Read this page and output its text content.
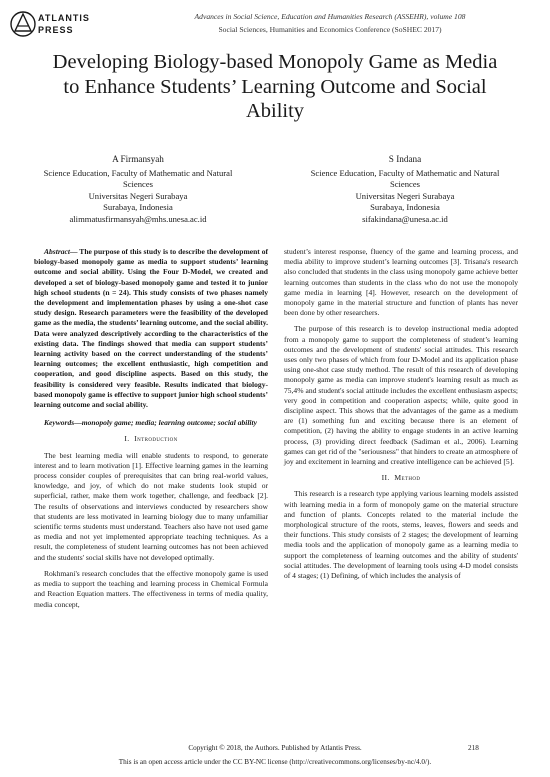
ATLANTIS
PRESS
Advances in Social Science, Education and Humanities Research (ASSEHR), volume 108
Social Sciences, Humanities and Economics Conference (SoSHEC 2017)
Developing Biology-based Monopoly Game as Media
to Enhance Students’ Learning Outcome and Social
Ability
A Firmansyah
Science Education, Faculty of Mathematic and Natural
Sciences
Universitas Negeri Surabaya
Surabaya, Indonesia
alimmatusfirmansyah@mhs.unesa.ac.id
S Indana
Science Education, Faculty of Mathematic and Natural
Sciences
Universitas Negeri Surabaya
Surabaya, Indonesia
sifakindana@unesa.ac.id

Abstract— The purpose of this study is to describe the development of biology-based monopoly game as media to support students’ learning outcome and social ability. Using the Four D-Model, we created and developed a set of biology-based monopoly game and tested it to junior high school students (n = 24). This study consists of two phases namely the development and implementation phases by using a one-shot case study design. Research parameters were the feasibility of the developed game as the media, the students’ learning outcome, and the social ability. Data were analyzed descriptively according to the characteristics of the existing data. The findings showed that media can support students’ learning activity based on the correct understanding of the students’ learning outcomes; the excellent enthusiastic, high competition and cooperation, and good discipline aspects. Based on this study, the feasibility is considered very feasible. Results indicated that biology-based monopoly game is effective to support junior high school students’ learning outcome and social ability.

Keywords—monopoly game; media; learning outcome; social ability

I. Introduction

The best learning media will enable students to respond, to generate interest and to learn motivation [1]. Effective learning games in the learning process consider couples of prerequisites that can bring real-world values, knowledge, and joy, of which do not make students look stupid or superficial, rather, make them work together, challenge, and feedback [2]. The results of observations and interviews conducted by researchers show that students are less motivated in learning biology due to many unfamiliar scientific terms students must understand. Teachers also have not used game as media and not yet implemented appropriate teaching techniques. As a result, the completeness of student learning outcomes has not been achieved and the students' social skills have not developed optimally.

Rokhmani's research concludes that the effective monopoly game is used as media to support the teaching and learning process in Chemical Formula and Reaction Equation matters. The effectiveness in terms of media quality, media concept,

student’s interest response, fluency of the game and learning process, and media ability to improve student’s learning outcomes [3]. Trisana's research also concluded that students in the class using monopoly game achieve better learning outcomes than students in the class who do not use the monopoly game media in learning [4]. However, research on the development of monopoly game in the material structure and function of plants has never been done by other researchers.

The purpose of this research is to develop instructional media adopted from a monopoly game to support the completeness of student’s learning outcomes and the development of students' social attitudes. This research uses only two phases of which from four D-Model and its application phase using one-shot case study method. The result of this research of developing monopoly game as media can improve student's learning result as much as 75,4% and student's social attitude includes the excellent enthusiasm aspects; very good in competition and cooperation aspects; while, quite good in discipline aspect. This shows that the advantages of the game as a medium are (1) something fun and exciting because there is an element of competition, (2) having the ability to engage students in an active learning process, (3) providing direct feedback (Sadiman et al., 2006). Learning games can get rid of the "seriousness" that hinders to create an atmosphere of joy and excitement in learning and creative intelligence can be achieved [5].

II. Method

This research is a research type applying various learning models assisted with learning media in a form of monopoly game on the material structure and function of plants. Concepts related to the material include the morphological structure of the roots, stems, leaves, flowers and seeds and their functions. This study consists of 2 stages; the development of learning media tools and the application of monopoly game as a learning media to support the completeness of learning outcomes and the ability of students' social attitudes. The development of learning tools using 4-D model consists of 4 stages; (1) Defining, of which includes the analysis of

Copyright © 2018, the Authors. Published by Atlantis Press.	218
This is an open access article under the CC BY-NC license (http://creativecommons.org/licenses/by-nc/4.0/).
